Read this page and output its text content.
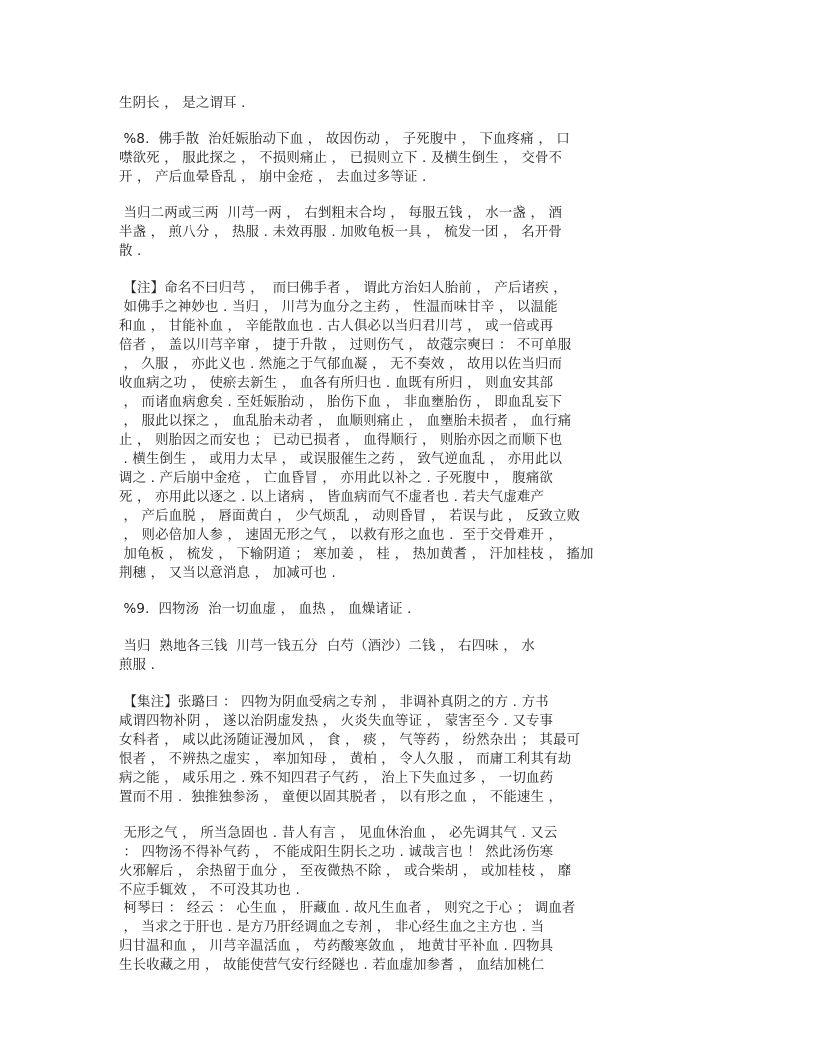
生阴长 ， 是之谓耳 .
%8.  佛手散  治妊娠胎动下血 ， 故因伤动 ， 子死腹中 ， 下血疼痛 ， 口
噤欲死 ， 服此探之 ， 不损则痛止 ， 已损则立下 . 及横生倒生 ， 交骨不
开 ， 产后血晕昏乱 ， 崩中金疮 ， 去血过多等证 .
当归二两或三两  川芎一两 ， 右剉粗末合均 ， 每服五钱 ， 水一盏 ， 酒
半盏 ， 煎八分 ， 热服 . 未效再服 . 加败龟板一具 ， 梳发一团 ， 名开骨
散 .
【注】命名不曰归芎 ，  而曰佛手者 ， 谓此方治妇人胎前 ， 产后诸疾 ，
如佛手之神妙也 . 当归 ， 川芎为血分之主药 ， 性温而味甘辛 ， 以温能
和血 ， 甘能补血 ， 辛能散血也 . 古人俱必以当归君川芎 ， 或一倍或再
倍者 ， 盖以川芎辛窜 ， 捷于升散 ， 过则伤气 ， 故蔻宗奭曰 ： 不可单服
， 久服 ， 亦此义也 . 然施之于气郁血凝 ， 无不奏效 ， 故用以佐当归而
收血病之功 ， 使瘀去新生 ， 血各有所归也 . 血既有所归 ， 则血安其部
， 而诸血病愈矣 . 至妊娠胎动 ， 胎伤下血 ， 非血壅胎伤 ， 即血乱妄下
， 服此以探之 ， 血乱胎未动者 ， 血顺则痛止 ， 血壅胎未损者 ， 血行痛
止 ， 则胎因之而安也 ； 已动已损者 ， 血得顺行 ， 则胎亦因之而顺下也
. 横生倒生 ， 或用力太早 ， 或误服催生之药 ， 致气逆血乱 ， 亦用此以
调之 . 产后崩中金疮 ， 亡血昏冒 ， 亦用此以补之 . 子死腹中 ， 腹痛欲
死 ， 亦用此以逐之 . 以上诸病 ， 皆血病而气不虚者也 . 若夫气虚难产
， 产后血脱 ， 唇面黄白 ， 少气烦乱 ， 动则昏冒 ， 若误与此 ， 反致立败
， 则必倍加人参 ， 速固无形之气 ， 以救有形之血也 .  至于交骨难开 ，
加龟板 ， 梳发 ， 下输阴道 ； 寒加姜 ， 桂 ， 热加黄耆 ， 汗加桂枝 ， 搐加
荆穗 ， 又当以意消息 ， 加减可也 .
%9.  四物汤  治一切血虚 ， 血热 ， 血燥诸证 .
当归  熟地各三钱  川芎一钱五分  白芍（酒沙）二钱 ， 右四味 ， 水
煎服 .
【集注】张璐曰 ： 四物为阴血受病之专剂 ， 非调补真阴之的方 . 方书
咸谓四物补阴 ， 遂以治阴虚发热 ， 火炎失血等证 ， 蒙害至今 . 又专事
女科者 ， 咸以此汤随证漫加风 ， 食 ， 痰 ， 气等药 ， 纷然杂出 ； 其最可
恨者 ， 不辨热之虚实 ， 率加知母 ， 黄柏 ， 令人久服 ， 而庸工利其有劫
病之能 ， 咸乐用之 . 殊不知四君子气药 ， 治上下失血过多 ， 一切血药
置而不用 .  独推独参汤 ， 童便以固其脱者 ， 以有形之血 ， 不能速生 ，
无形之气 ， 所当急固也 . 昔人有言 ， 见血休治血 ， 必先调其气 . 又云
： 四物汤不得补气药 ， 不能成阳生阴长之功 . 诚哉言也 ！ 然此汤伤寒
火邪解后 ， 余热留于血分 ， 至夜微热不除 ， 或合柴胡 ， 或加桂枝 ， 靡
不应手辄效 ， 不可没其功也 .
柯琴曰 ： 经云 ： 心生血 ， 肝藏血 . 故凡生血者 ， 则究之于心 ； 调血者
， 当求之于肝也 . 是方乃肝经调血之专剂 ， 非心经生血之主方也 . 当
归甘温和血 ， 川芎辛温活血 ， 芍药酸寒敛血 ， 地黄甘平补血 . 四物具
生长收藏之用 ， 故能使营气安行经隧也 . 若血虚加参耆 ， 血结加桃仁
